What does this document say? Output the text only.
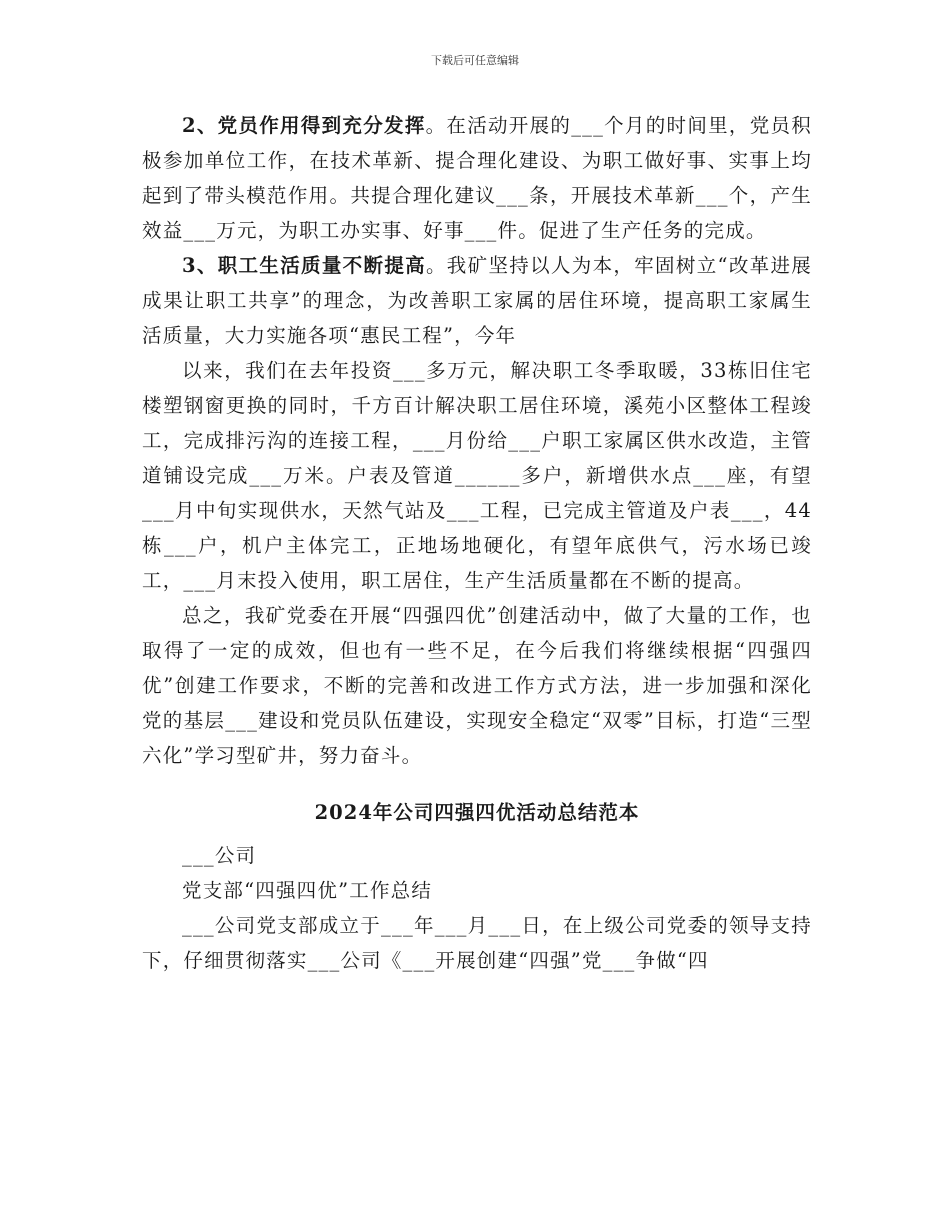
下载后可任意编辑

2、党员作用得到充分发挥。在活动开展的___个月的时间里，党员积极参加单位工作，在技术革新、提合理化建设、为职工做好事、实事上均起到了带头模范作用。共提合理化建议___条，开展技术革新___个，产生效益___万元，为职工办实事、好事___件。促进了生产任务的完成。

3、职工生活质量不断提高。我矿坚持以人为本，牢固树立“改革进展成果让职工共享”的理念，为改善职工家属的居住环境，提高职工家属生活质量，大力实施各项“惠民工程”，今年

以来，我们在去年投资___多万元，解决职工冬季取暖，33栋旧住宅楼塑钢窗更换的同时，千方百计解决职工居住环境，溪苑小区整体工程竣工，完成排污沟的连接工程，___月份给___户职工家属区供水改造，主管道铺设完成___万米。户表及管道______多户，新增供水点___座，有望___月中旬实现供水，天然气站及___工程，已完成主管道及户表___，44栋___户，机户主体完工，正地场地硬化，有望年底供气，污水场已竣工，___月末投入使用，职工居住，生产生活质量都在不断的提高。

总之，我矿党委在开展“四强四优”创建活动中，做了大量的工作，也取得了一定的成效，但也有一些不足，在今后我们将继续根据“四强四优”创建工作要求，不断的完善和改进工作方式方法，进一步加强和深化党的基层___建设和党员队伍建设，实现安全稳定“双零”目标，打造“三型六化”学习型矿井，努力奋斗。

2024年公司四强四优活动总结范本

___公司

党支部“四强四优”工作总结

___公司党支部成立于___年___月___日，在上级公司党委的领导支持下，仔细贯彻落实___公司《___开展创建“四强”党___争做“四
